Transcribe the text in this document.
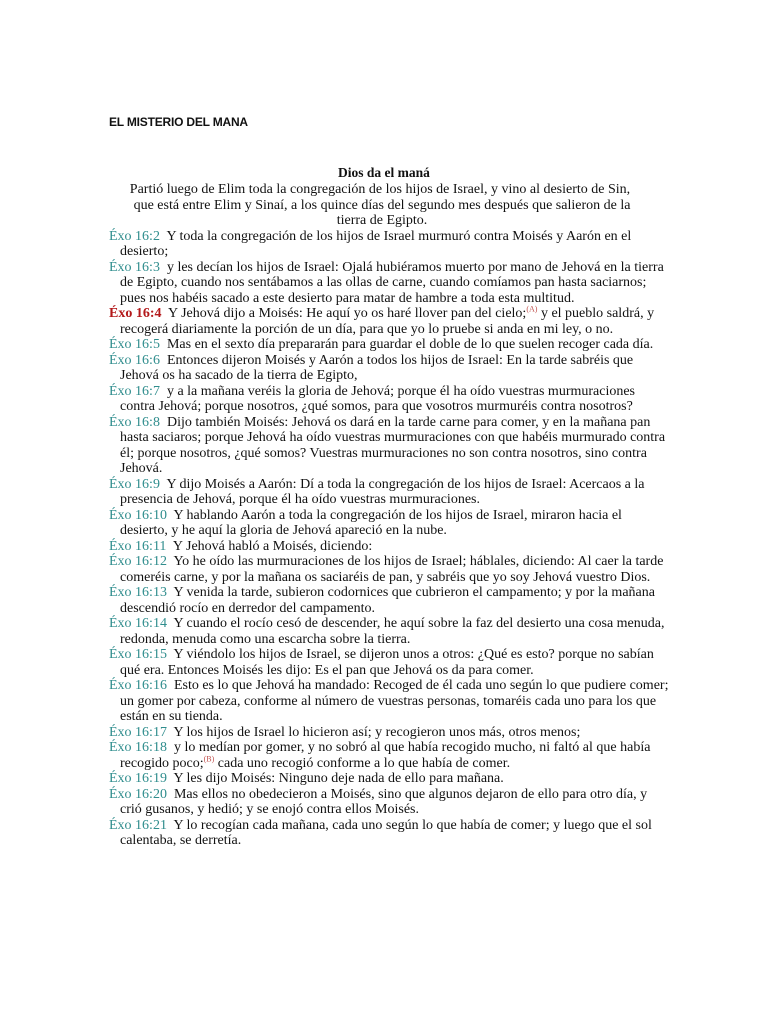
EL MISTERIO DEL MANA
Dios da el maná

Partió luego de Elim toda la congregación de los hijos de Israel, y vino al desierto de Sin, que está entre Elim y Sinaí, a los quince días del segundo mes después que salieron de la tierra de Egipto.

Éxo 16:2 Y toda la congregación de los hijos de Israel murmuró contra Moisés y Aarón en el desierto;

Éxo 16:3 y les decían los hijos de Israel: Ojalá hubiéramos muerto por mano de Jehová en la tierra de Egipto, cuando nos sentábamos a las ollas de carne, cuando comíamos pan hasta saciarnos; pues nos habéis sacado a este desierto para matar de hambre a toda esta multitud.

Éxo 16:4 Y Jehová dijo a Moisés: He aquí yo os haré llover pan del cielo;$^{(A)}$ y el pueblo saldrá, y recogerá diariamente la porción de un día, para que yo lo pruebe si anda en mi ley, o no.

Éxo 16:5 Mas en el sexto día prepararán para guardar el doble de lo que suelen recoger cada día.

Éxo 16:6 Entonces dijeron Moisés y Aarón a todos los hijos de Israel: En la tarde sabréis que Jehová os ha sacado de la tierra de Egipto,

Éxo 16:7 y a la mañana veréis la gloria de Jehová; porque él ha oído vuestras murmuraciones contra Jehová; porque nosotros, ¿qué somos, para que vosotros murmuréis contra nosotros?

Éxo 16:8 Dijo también Moisés: Jehová os dará en la tarde carne para comer, y en la mañana pan hasta saciaros; porque Jehová ha oído vuestras murmuraciones con que habéis murmurado contra él; porque nosotros, ¿qué somos? Vuestras murmuraciones no son contra nosotros, sino contra Jehová.

Éxo 16:9 Y dijo Moisés a Aarón: Dí a toda la congregación de los hijos de Israel: Acercaos a la presencia de Jehová, porque él ha oído vuestras murmuraciones.

Éxo 16:10 Y hablando Aarón a toda la congregación de los hijos de Israel, miraron hacia el desierto, y he aquí la gloria de Jehová apareció en la nube.

Éxo 16:11 Y Jehová habló a Moisés, diciendo:

Éxo 16:12 Yo he oído las murmuraciones de los hijos de Israel; háblales, diciendo: Al caer la tarde comeréis carne, y por la mañana os saciaréis de pan, y sabréis que yo soy Jehová vuestro Dios.

Éxo 16:13 Y venida la tarde, subieron codornices que cubrieron el campamento; y por la mañana descendió rocío en derredor del campamento.

Éxo 16:14 Y cuando el rocío cesó de descender, he aquí sobre la faz del desierto una cosa menuda, redonda, menuda como una escarcha sobre la tierra.

Éxo 16:15 Y viéndolo los hijos de Israel, se dijeron unos a otros: ¿Qué es esto? porque no sabían qué era. Entonces Moisés les dijo: Es el pan que Jehová os da para comer.

Éxo 16:16 Esto es lo que Jehová ha mandado: Recoged de él cada uno según lo que pudiere comer; un gomer por cabeza, conforme al número de vuestras personas, tomaréis cada uno para los que están en su tienda.

Éxo 16:17 Y los hijos de Israel lo hicieron así; y recogieron unos más, otros menos;

Éxo 16:18 y lo medían por gomer, y no sobró al que había recogido mucho, ni faltó al que había recogido poco;$^{(B)}$ cada uno recogió conforme a lo que había de comer.

Éxo 16:19 Y les dijo Moisés: Ninguno deje nada de ello para mañana.

Éxo 16:20 Mas ellos no obedecieron a Moisés, sino que algunos dejaron de ello para otro día, y crió gusanos, y hedió; y se enojó contra ellos Moisés.

Éxo 16:21 Y lo recogían cada mañana, cada uno según lo que había de comer; y luego que el sol calentaba, se derretía.
